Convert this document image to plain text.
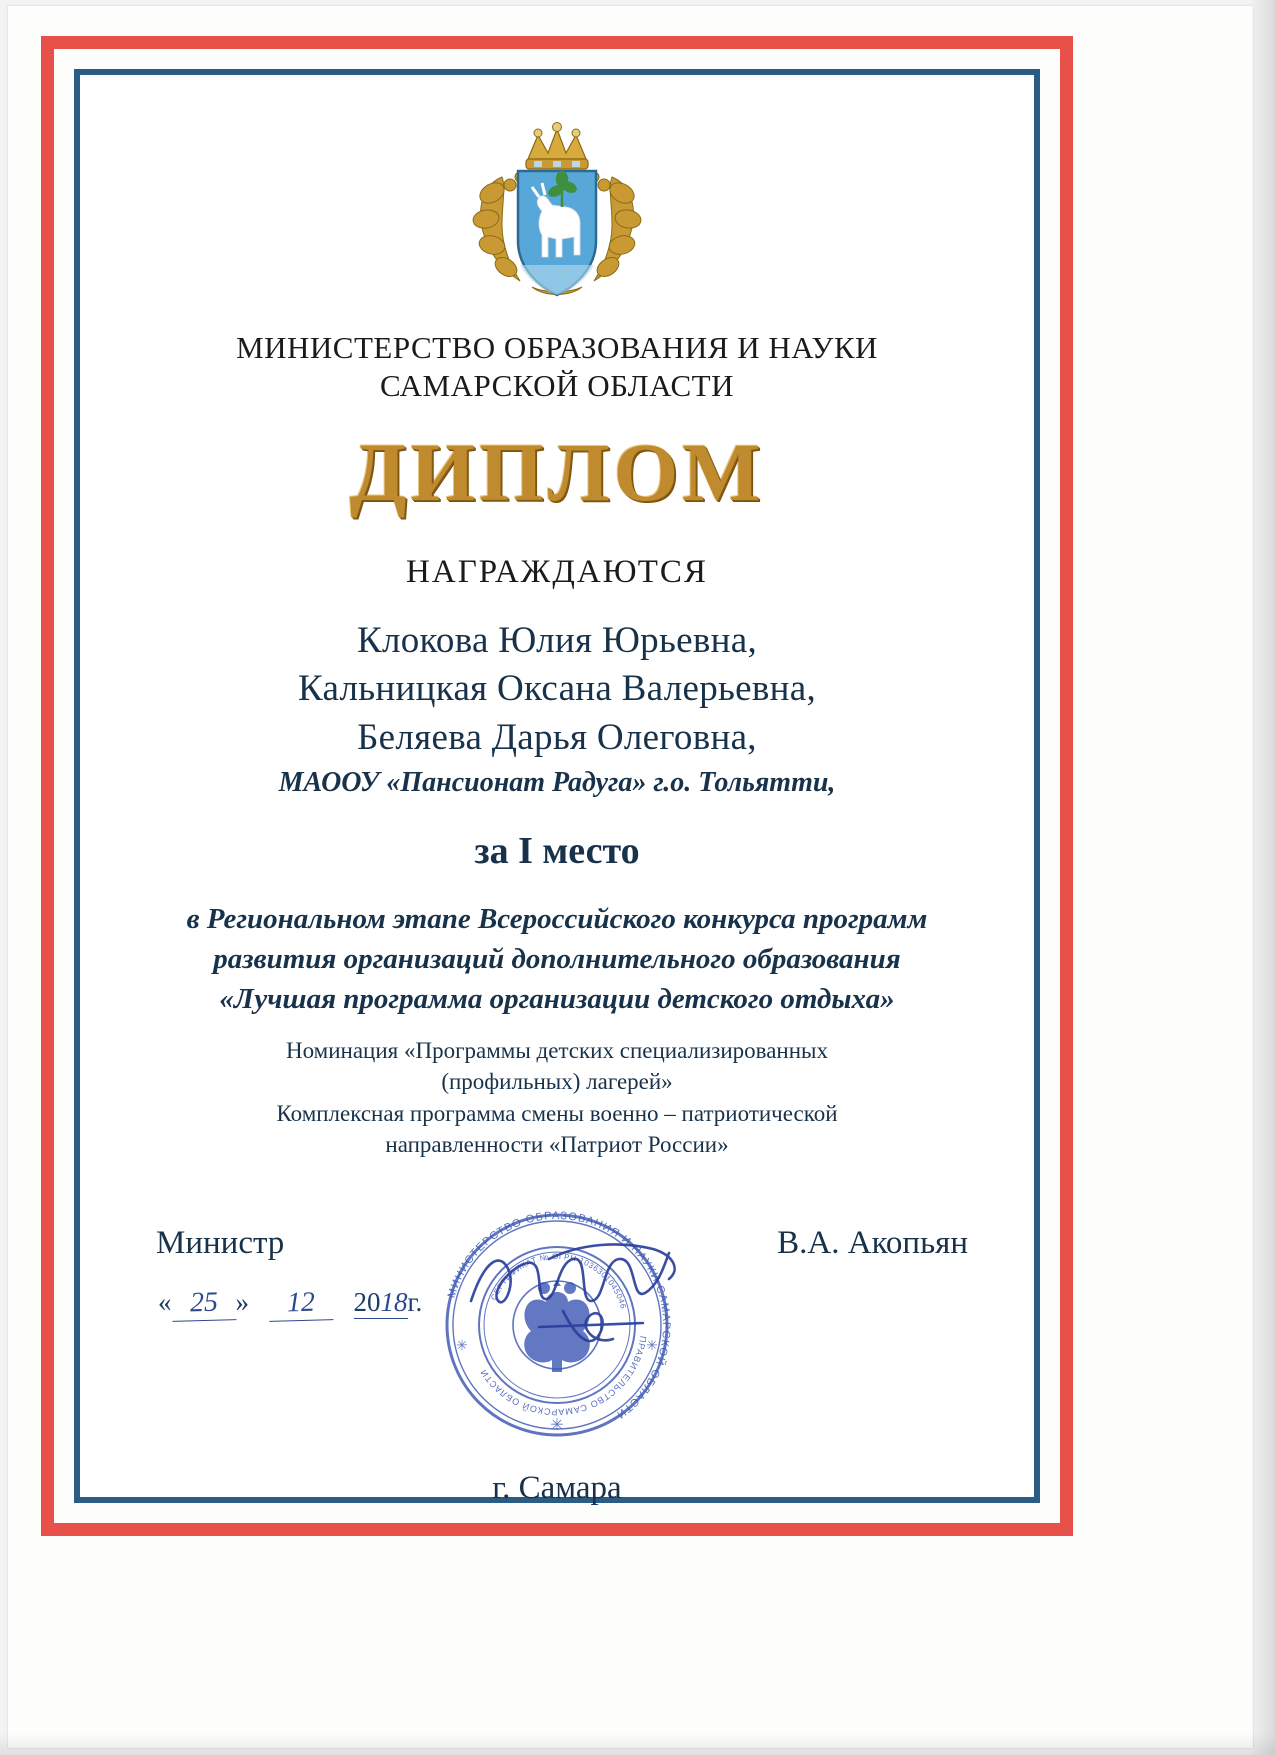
МИНИСТЕРСТВО ОБРАЗОВАНИЯ И НАУКИ
САМАРСКОЙ ОБЛАСТИ
ДИПЛОМ
НАГРАЖДАЮТСЯ
Клокова Юлия Юрьевна,
Кальницкая Оксана Валерьевна,
Беляева Дарья Олеговна,
МАООУ «Пансионат Радуга» г.о. Тольятти,
за I место
в Региональном этапе Всероссийского конкурса программ
развития организаций дополнительного образования
«Лучшая программа организации детского отдыха»
Номинация «Программы детских специализированных
(профильных) лагерей»
Комплексная программа смены военно – патриотической
направленности «Патриот России»
Министр	В.А. Акопьян
« 25 » 12 2018г. МИНИСТЕРСТВО ОБРАЗОВАНИЯ И НАУКИ САМАРСКОЙ ОБЛАСТИ
ПРАВИТЕЛЬСТВО САМАРСКОЙ ОБЛАСТИ
СЕРТИФИКАТ № ОГРН 1036301045046
✳
✳	✳
г. Самара
